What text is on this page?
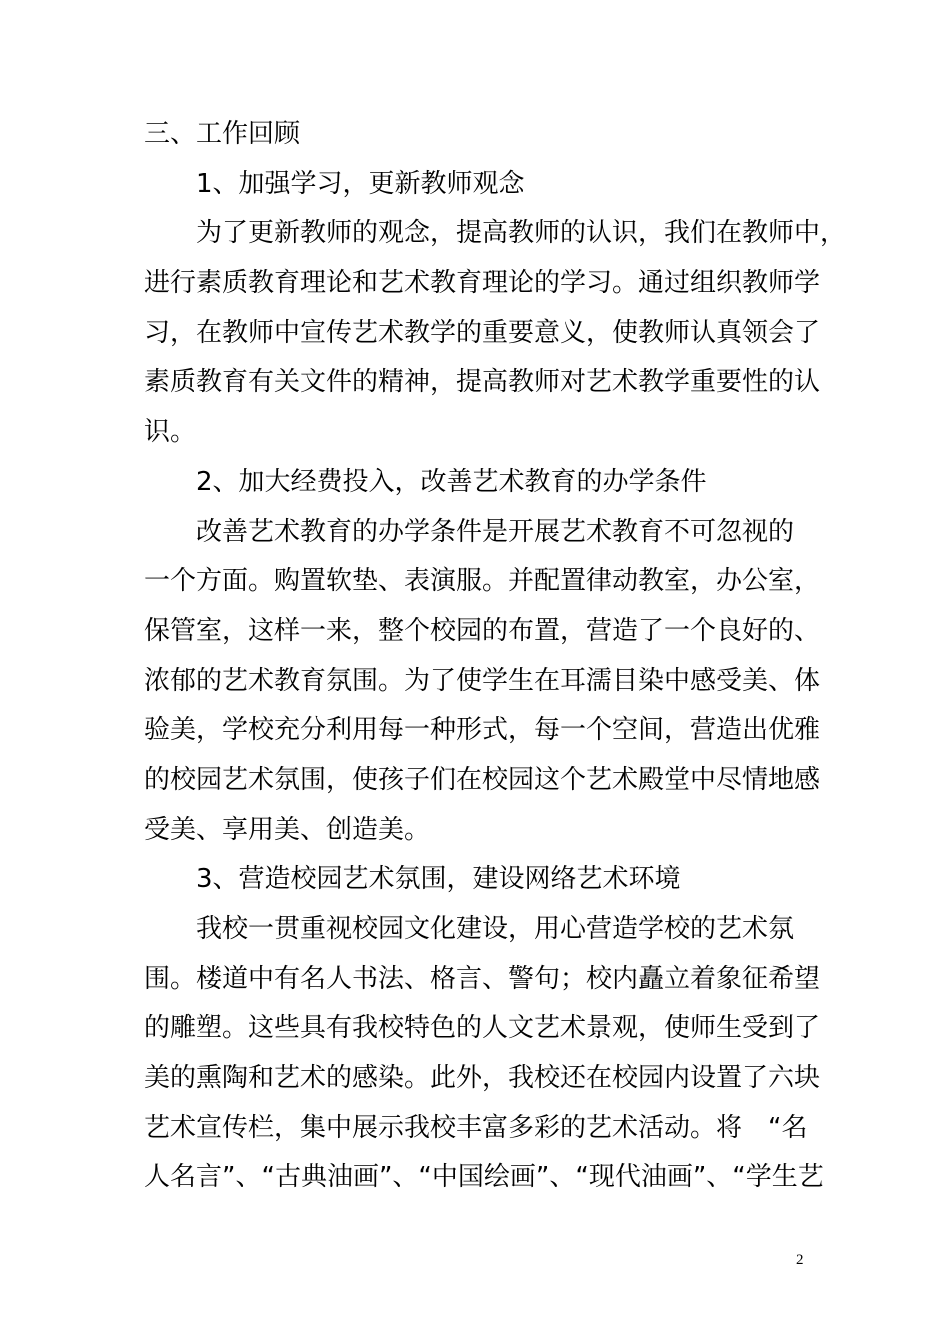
三、工作回顾
1、加强学习，更新教师观念
为了更新教师的观念，提高教师的认识，我们在教师中，
进行素质教育理论和艺术教育理论的学习。通过组织教师学
习，在教师中宣传艺术教学的重要意义，使教师认真领会了
素质教育有关文件的精神，提高教师对艺术教学重要性的认
识。
2、加大经费投入，改善艺术教育的办学条件
改善艺术教育的办学条件是开展艺术教育不可忽视的
一个方面。购置软垫、表演服。并配置律动教室，办公室，
保管室，这样一来，整个校园的布置，营造了一个良好的、
浓郁的艺术教育氛围。为了使学生在耳濡目染中感受美、体
验美，学校充分利用每一种形式，每一个空间，营造出优雅
的校园艺术氛围，使孩子们在校园这个艺术殿堂中尽情地感
受美、享用美、创造美。
3、营造校园艺术氛围，建设网络艺术环境
我校一贯重视校园文化建设，用心营造学校的艺术氛
围。楼道中有名人书法、格言、警句；校内矗立着象征希望
的雕塑。这些具有我校特色的人文艺术景观，使师生受到了
美的熏陶和艺术的感染。此外，我校还在校园内设置了六块
艺术宣传栏，集中展示我校丰富多彩的艺术活动。将　“名
人名言”、“古典油画”、“中国绘画”、“现代油画”、“学生艺
2
